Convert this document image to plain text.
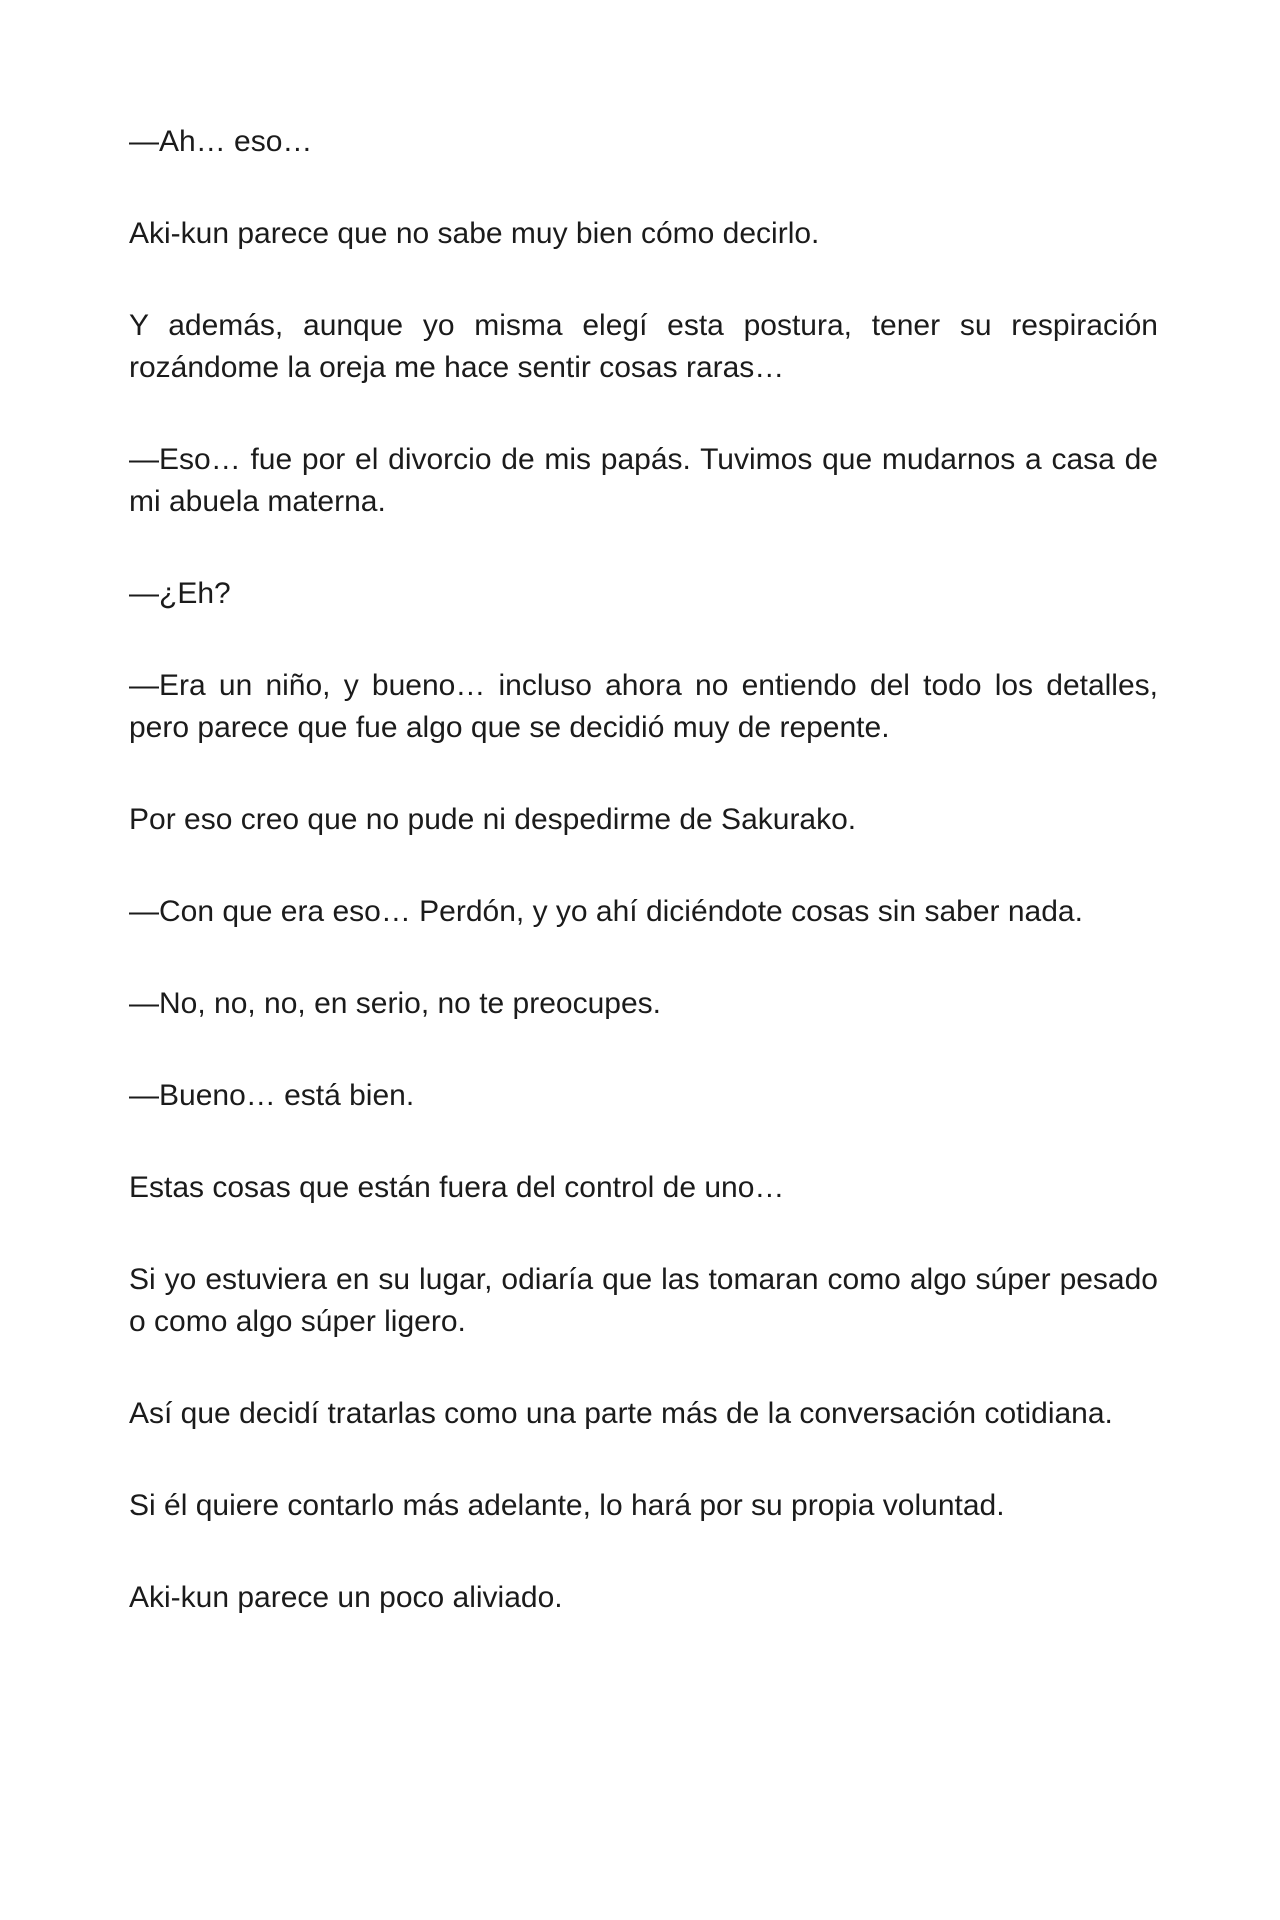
—Ah… eso…

Aki-kun parece que no sabe muy bien cómo decirlo.

Y además, aunque yo misma elegí esta postura, tener su respiración rozándome la oreja me hace sentir cosas raras…

—Eso… fue por el divorcio de mis papás. Tuvimos que mudarnos a casa de mi abuela materna.

—¿Eh?

—Era un niño, y bueno… incluso ahora no entiendo del todo los detalles, pero parece que fue algo que se decidió muy de repente.

Por eso creo que no pude ni despedirme de Sakurako.

—Con que era eso… Perdón, y yo ahí diciéndote cosas sin saber nada.

—No, no, no, en serio, no te preocupes.

—Bueno… está bien.

Estas cosas que están fuera del control de uno…

Si yo estuviera en su lugar, odiaría que las tomaran como algo súper pesado o como algo súper ligero.

Así que decidí tratarlas como una parte más de la conversación cotidiana.

Si él quiere contarlo más adelante, lo hará por su propia voluntad.

Aki-kun parece un poco aliviado.
